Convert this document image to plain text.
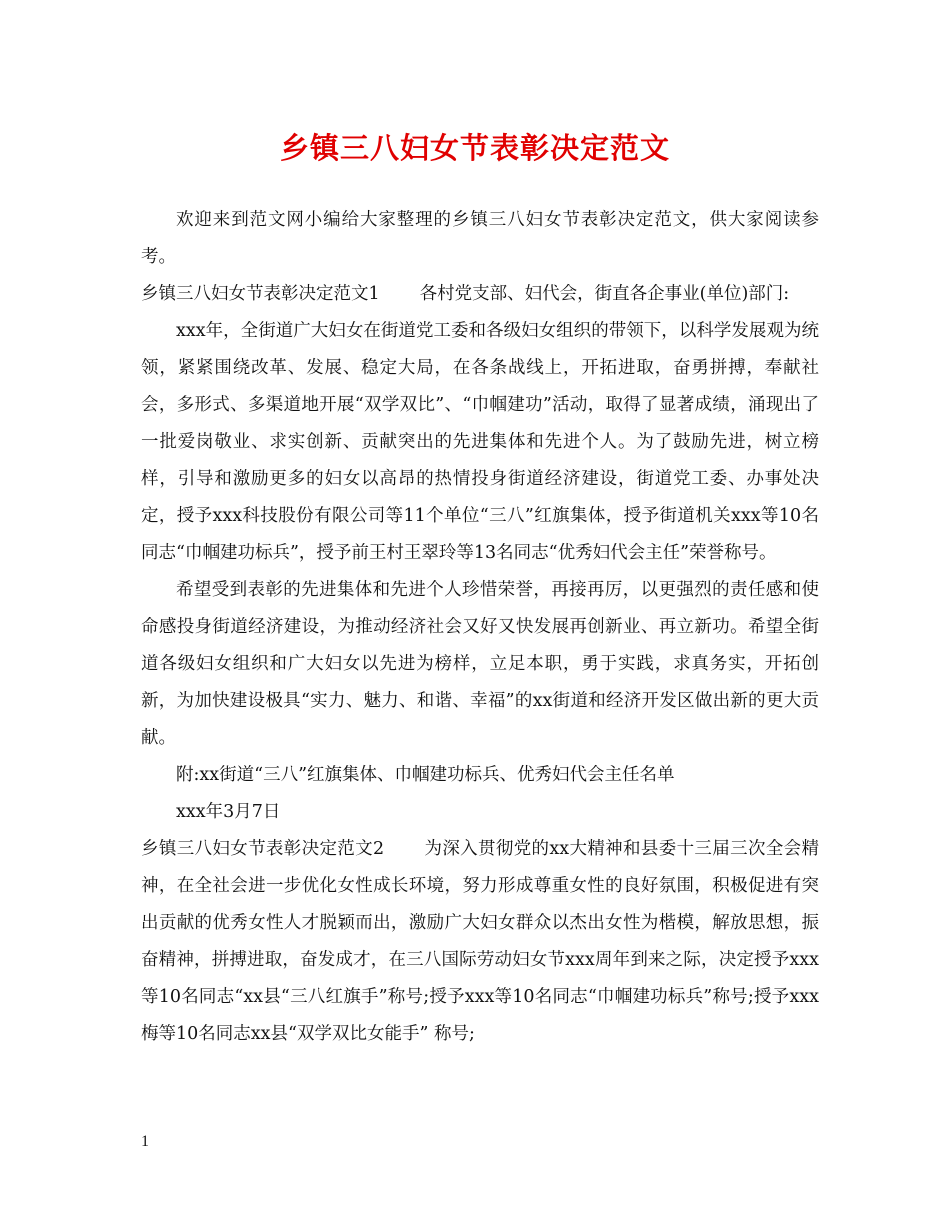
乡镇三八妇女节表彰决定范文

欢迎来到范文网小编给大家整理的乡镇三八妇女节表彰决定范文，供大家阅读参考。

乡镇三八妇女节表彰决定范文1 各村党支部、妇代会，街直各企事业(单位)部门:

xxx年，全街道广大妇女在街道党工委和各级妇女组织的带领下，以科学发展观为统领，紧紧围绕改革、发展、稳定大局，在各条战线上，开拓进取，奋勇拼搏，奉献社会，多形式、多渠道地开展“双学双比”、“巾帼建功”活动，取得了显著成绩，涌现出了一批爱岗敬业、求实创新、贡献突出的先进集体和先进个人。为了鼓励先进，树立榜样，引导和激励更多的妇女以高昂的热情投身街道经济建设，街道党工委、办事处决定，授予xxx科技股份有限公司等11个单位“三八”红旗集体，授予街道机关xxx等10名同志“巾帼建功标兵”，授予前王村王翠玲等13名同志“优秀妇代会主任”荣誉称号。

希望受到表彰的先进集体和先进个人珍惜荣誉，再接再厉，以更强烈的责任感和使命感投身街道经济建设，为推动经济社会又好又快发展再创新业、再立新功。希望全街道各级妇女组织和广大妇女以先进为榜样，立足本职，勇于实践，求真务实，开拓创新，为加快建设极具“实力、魅力、和谐、幸福”的xx街道和经济开发区做出新的更大贡献。

附:xx街道“三八”红旗集体、巾帼建功标兵、优秀妇代会主任名单

xxx年3月7日

乡镇三八妇女节表彰决定范文2 为深入贯彻党的xx大精神和县委十三届三次全会精神，在全社会进一步优化女性成长环境，努力形成尊重女性的良好氛围，积极促进有突出贡献的优秀女性人才脱颖而出，激励广大妇女群众以杰出女性为楷模，解放思想，振奋精神，拼搏进取，奋发成才，在三八国际劳动妇女节xxx周年到来之际，决定授予xxx等10名同志“xx县“三八红旗手”称号;授予xxx等10名同志“巾帼建功标兵”称号;授予xxx梅等10名同志xx县“双学双比女能手” 称号;

1
